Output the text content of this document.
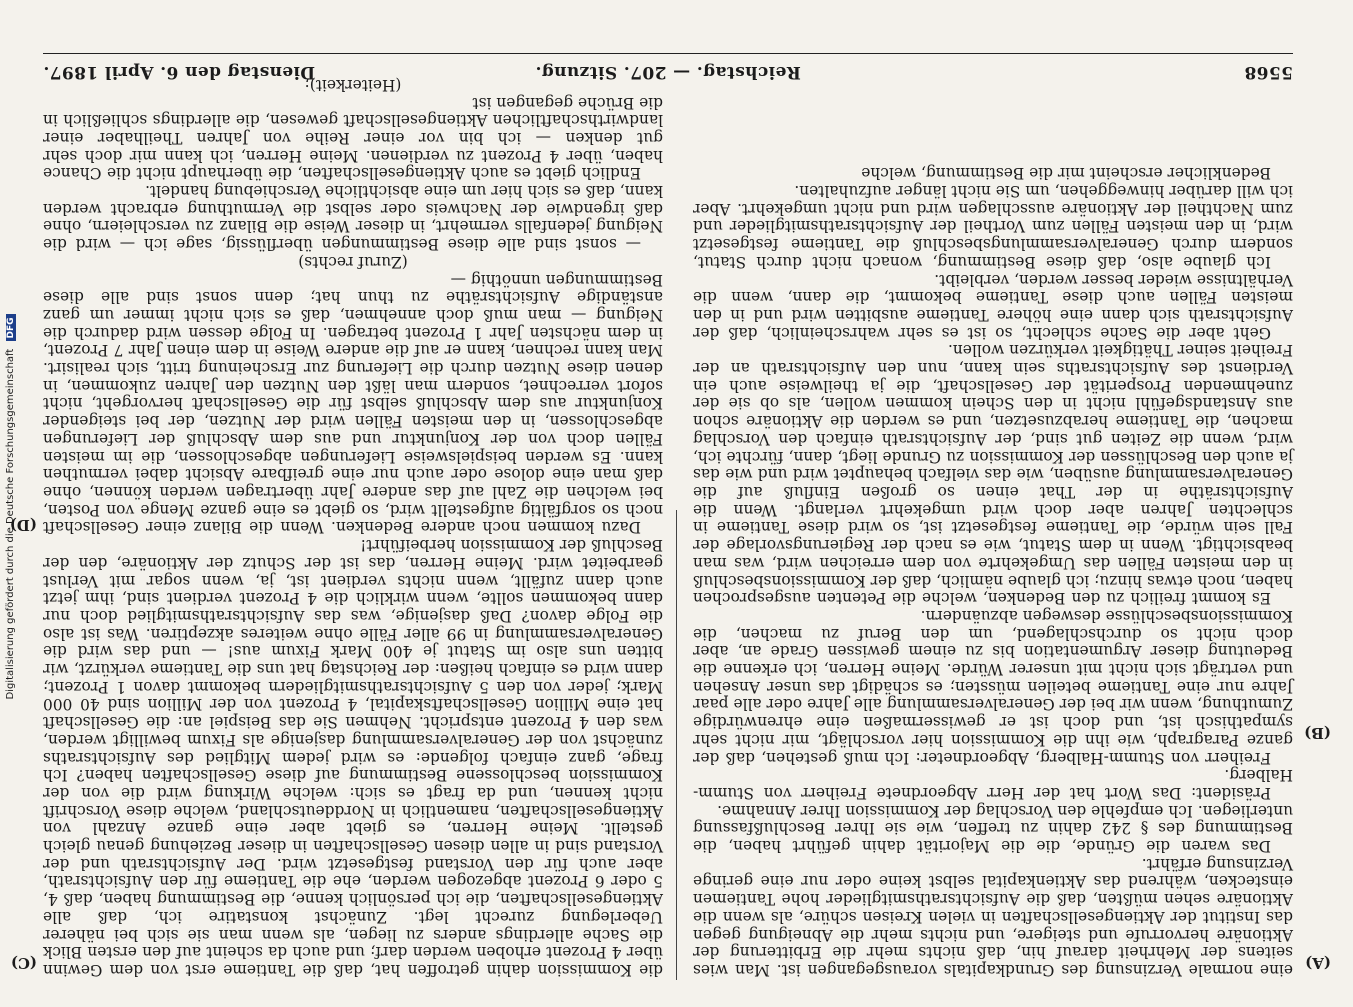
5568
Reichstag. — 207. Sitzung.
Dienstag den 6. April 1897.
(A)
(B)
(C)
(D)

eine normale Verzinsung des Grundkapitals vorausgegangen ist. Man wies seitens der Mehrheit darauf hin, daß nichts mehr die Erbitterung der Aktionäre hervorrufe und steigere, und nichts mehr die Abneigung gegen das Institut der Aktiengesellschaften in vielen Kreisen schüre, als wenn die Aktionäre sehen müßten, daß die Aufsichtsrathsmitglieder hohe Tantiemen einstecken, während das Aktienkapital selbst keine oder nur eine geringe Verzinsung erfährt.

Das waren die Gründe, die die Majorität dahin geführt haben, die Bestimmung des § 242 dahin zu treffen, wie sie Ihrer Beschlußfassung unterliegen. Ich empfehle den Vorschlag der Kommission Ihrer Annahme.

Präsident: Das Wort hat der Herr Abgeordnete Freiherr von Stumm-Halberg.

Freiherr von Stumm-Halberg, Abgeordneter: Ich muß gestehen, daß der ganze Paragraph, wie ihn die Kommission hier vorschlägt, mir nicht sehr sympathisch ist, und doch ist er gewissermaßen eine ehrenwürdige Zumuthung, wenn wir bei der Generalversammlung alle Jahre oder alle paar Jahre nur eine Tantieme beteilen müssten; es schädigt das unser Ansehen und verträgt sich nicht mit unserer Würde. Meine Herren, ich erkenne die Bedeutung dieser Argumentation bis zu einem gewissen Grade an, aber doch nicht so durchschlagend, um den Beruf zu machen, die Kommissionsbeschlüsse deswegen abzuändern.

Es kommt freilich zu den Bedenken, welche die Petenten ausgesprochen haben, noch etwas hinzu; ich glaube nämlich, daß der Kommissionsbeschluß in den meisten Fällen das Umgekehrte von dem erreichen wird, was man beabsichtigt. Wenn in dem Statut, wie es nach der Regierungsvorlage der Fall sein würde, die Tantieme festgesetzt ist, so wird diese Tantieme in schlechten Jahren aber doch wird umgekehrt verlangt. Wenn die Aufsichtsräthe in der That einen so großen Einfluß auf die Generalversammlung ausüben, wie das vielfach behauptet wird und wie das ja auch den Beschlüssen der Kommission zu Grunde liegt, dann, fürchte ich, wird, wenn die Zeiten gut sind, der Aufsichtsrath einfach den Vorschlag machen, die Tantieme herabzusetzen, und es werden die Aktionäre schon aus Anstandsgefühl nicht in den Schein kommen wollen, als ob sie der zunehmenden Prosperität der Gesellschaft, die ja theilweise auch ein Verdienst des Aufsichtsraths sein kann, nun den Aufsichtsrath an der Freiheit seiner Thätigkeit verkürzen wollen.

Geht aber die Sache schlecht, so ist es sehr wahrscheinlich, daß der Aufsichtsrath sich dann eine höhere Tantieme ausbitten wird und in den meisten Fällen auch diese Tantieme bekommt, die dann, wenn die Verhältnisse wieder besser werden, verbleibt.

Ich glaube also, daß diese Bestimmung, wonach nicht durch Statut, sondern durch Generalversammlungsbeschluß die Tantieme festgesetzt wird, in den meisten Fällen zum Vortheil der Aufsichtsrathsmitglieder und zum Nachtheil der Aktionäre ausschlagen wird und nicht umgekehrt. Aber ich will darüber hinweggehen, um Sie nicht länger aufzuhalten.

Bedenklicher erscheint mir die Bestimmung, welche

die Kommission dahin getroffen hat, daß die Tantieme erst von dem Gewinn über 4 Prozent erhoben werden darf; und auch da scheint auf den ersten Blick die Sache allerdings anders zu liegen, als wenn man sie sich bei näherer Ueberlegung zurecht legt. Zunächst konstatire ich, daß alle Aktiengesellschaften, die ich persönlich kenne, die Bestimmung haben, daß 4, 5 oder 6 Prozent abgezogen werden, ehe die Tantieme für den Aufsichtsrath, aber auch für den Vorstand festgesetzt wird. Der Aufsichtsrath und der Vorstand sind in allen diesen Gesellschaften in dieser Beziehung genau gleich gestellt. Meine Herren, es giebt aber eine ganze Anzahl von Aktiengesellschaften, namentlich in Norddeutschland, welche diese Vorschrift nicht kennen, und da fragt es sich: welche Wirkung wird die von der Kommission beschlossene Bestimmung auf diese Gesellschaften haben? Ich frage, ganz einfach folgende: es wird jedem Mitglied des Aufsichtsraths zunächst von der Generalversammlung dasjenige als Fixum bewilligt werden, was den 4 Prozent entspricht. Nehmen Sie das Beispiel an: die Gesellschaft hat eine Million Gesellschaftskapital, 4 Prozent von der Million sind 40 000 Mark; jeder von den 5 Aufsichtsrathsmitgliedern bekommt davon 1 Prozent; dann wird es einfach heißen: der Reichstag hat uns die Tantieme verkürzt, wir bitten uns also im Statut je 400 Mark Fixum aus! — und das wird die Generalversammlung in 99 aller Fälle ohne weiteres akzeptiren. Was ist also die Folge davon? Daß dasjenige, was das Aufsichtsrathsmitglied doch nur dann bekommen sollte, wenn wirklich die 4 Prozent verdient sind, ihm jetzt auch dann zufällt, wenn nichts verdient ist, ja, wenn sogar mit Verlust gearbeitet wird. Meine Herren, das ist der Schutz der Aktionäre, den der Beschluß der Kommission herbeiführt!

Dazu kommen noch andere Bedenken. Wenn die Bilanz einer Gesellschaft noch so sorgfältig aufgestellt wird, so giebt es eine ganze Menge von Posten, bei welchen die Zahl auf das andere Jahr übertragen werden können, ohne daß man eine dolose oder auch nur eine greifbare Absicht dabei vermuthen kann. Es werden beispielsweise Lieferungen abgeschlossen, die im meisten Fällen doch von der Konjunktur und aus dem Abschluß der Lieferungen abgeschlossen, in den meisten Fällen wird der Nutzen, der bei steigender Konjunktur aus dem Abschluß selbst für die Gesellschaft hervorgeht, nicht sofort verrechnet, sondern man läßt den Nutzen den Jahren zukommen, in denen diese Nutzen durch die Lieferung zur Erscheinung tritt, sich realisirt. Man kann rechnen, kann er auf die andere Weise in dem einen Jahr 7 Prozent, in dem nächsten Jahr 1 Prozent betragen. In Folge dessen wird dadurch die Neigung — man muß doch annehmen, daß es sich nicht immer um ganz anständige Aufsichtsräthe zu thun hat; denn sonst sind alle diese Bestimmungen unnöthig —

(Zuruf rechts)

— sonst sind alle diese Bestimmungen überflüssig, sage ich — wird die Neigung jedenfalls vermehrt, in dieser Weise die Bilanz zu verschleiern, ohne daß irgendwie der Nachweis oder selbst die Vermuthung erbracht werden kann, daß es sich hier um eine absichtliche Verschiebung handelt.

Endlich giebt es auch Aktiengesellschaften, die überhaupt nicht die Chance haben, über 4 Prozent zu verdienen. Meine Herren, ich kann mir doch sehr gut denken — ich bin vor einer Reihe von Jahren Theilhaber einer landwirthschaftlichen Aktiengesellschaft gewesen, die allerdings schließlich in die Brüche gegangen ist

(Heiterkeit);

Digitalisierung gefördert durch die Deutsche Forschungsgemeinschaft DFG
